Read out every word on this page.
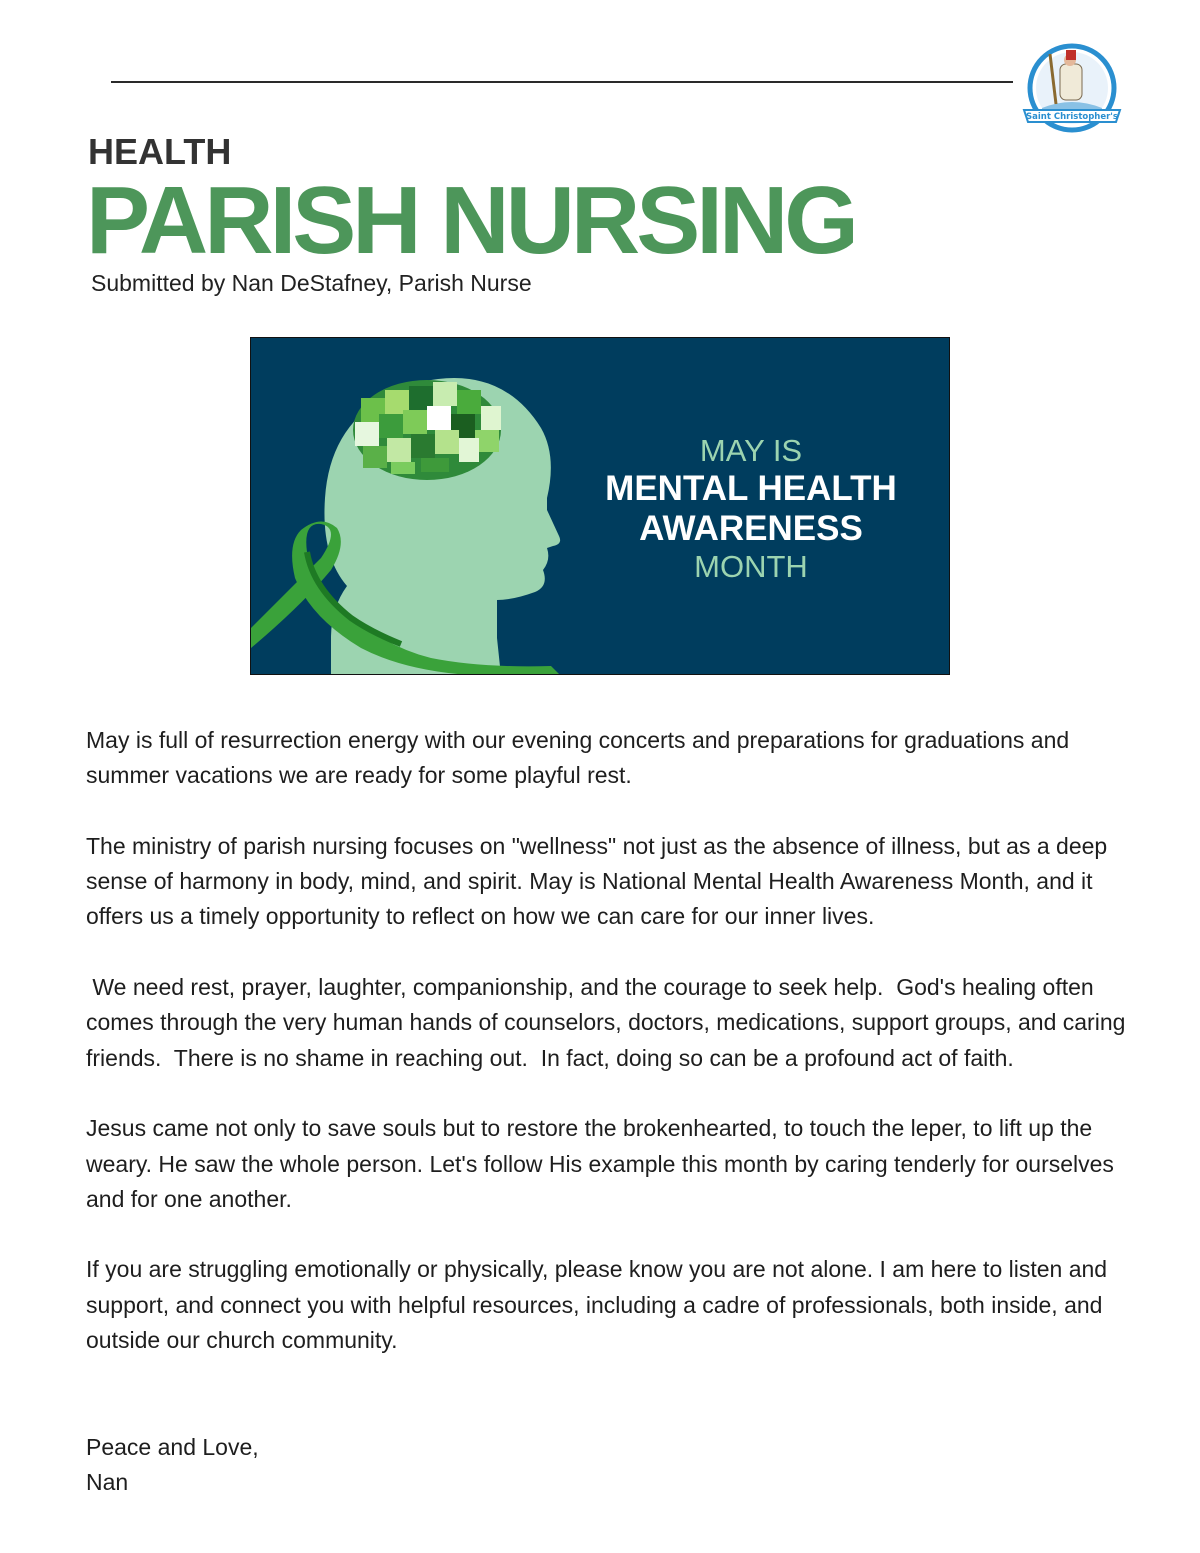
Saint Christopher's
HEALTH
PARISH NURSING
Submitted by Nan DeStafney, Parish Nurse
MAY IS
MENTAL HEALTH
AWARENESS
MONTH

May is full of resurrection energy with our evening concerts and preparations for graduations and summer vacations we are ready for some playful rest.

The ministry of parish nursing focuses on "wellness" not just as the absence of illness, but as a deep sense of harmony in body, mind, and spirit. May is National Mental Health Awareness Month, and it offers us a timely opportunity to reflect on how we can care for our inner lives.

We need rest, prayer, laughter, companionship, and the courage to seek help.  God's healing often comes through the very human hands of counselors, doctors, medications, support groups, and caring friends.  There is no shame in reaching out.  In fact, doing so can be a profound act of faith.

Jesus came not only to save souls but to restore the brokenhearted, to touch the leper, to lift up the weary. He saw the whole person. Let's follow His example this month by caring tenderly for ourselves and for one another.

If you are struggling emotionally or physically, please know you are not alone. I am here to listen and support, and connect you with helpful resources, including a cadre of professionals, both inside, and outside our church community.

Peace and Love,
Nan
